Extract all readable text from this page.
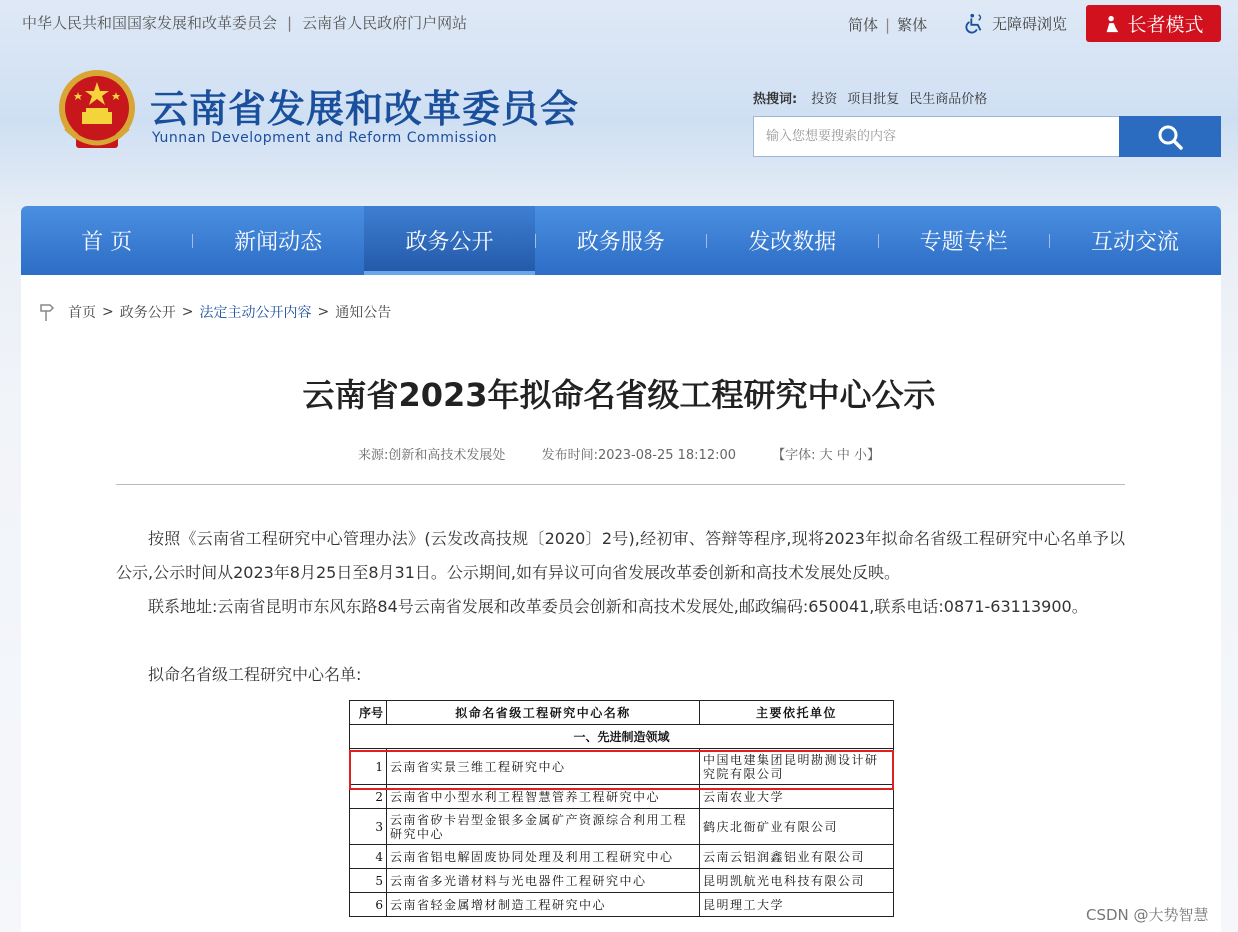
中华人民共和国国家发展和改革委员会 | 云南省人民政府门户网站	简体 | 繁体	无障碍浏览	长者模式
云南省发展和改革委员会
Yunnan Development and Reform Commission
热搜词: 投资 项目批复 民生商品价格
输入您想要搜索的内容
首 页	新闻动态	政务公开	政务服务	发改数据	专题专栏	互动交流
首页 > 政务公开 > 法定主动公开内容 > 通知公告
云南省2023年拟命名省级工程研究中心公示
来源:创新和高技术发展处	发布时间:2023-08-25 18:12:00	【字体: 大 中 小】
按照《云南省工程研究中心管理办法》(云发改高技规〔2020〕2号),经初审、答辩等程序,现将2023年拟命名省级工程研究中心名单予以公示,公示时间从2023年8月25日至8月31日。公示期间,如有异议可向省发展改革委创新和高技术发展处反映。
联系地址:云南省昆明市东风东路84号云南省发展和改革委员会创新和高技术发展处,邮政编码:650041,联系电话:0871-63113900。
拟命名省级工程研究中心名单:
序号	拟命名省级工程研究中心名称	主要依托单位
一、先进制造领域		
1	云南省实景三维工程研究中心	中国电建集团昆明勘测设计研究院有限公司
2	云南省中小型水利工程智慧管养工程研究中心	云南农业大学
3	云南省矽卡岩型金银多金属矿产资源综合利用工程研究中心	鹤庆北衙矿业有限公司
4	云南省铝电解固废协同处理及利用工程研究中心	云南云铝润鑫铝业有限公司
5	云南省多光谱材料与光电器件工程研究中心	昆明凯航光电科技有限公司
6	云南省轻金属增材制造工程研究中心	昆明理工大学
CSDN @大势智慧
